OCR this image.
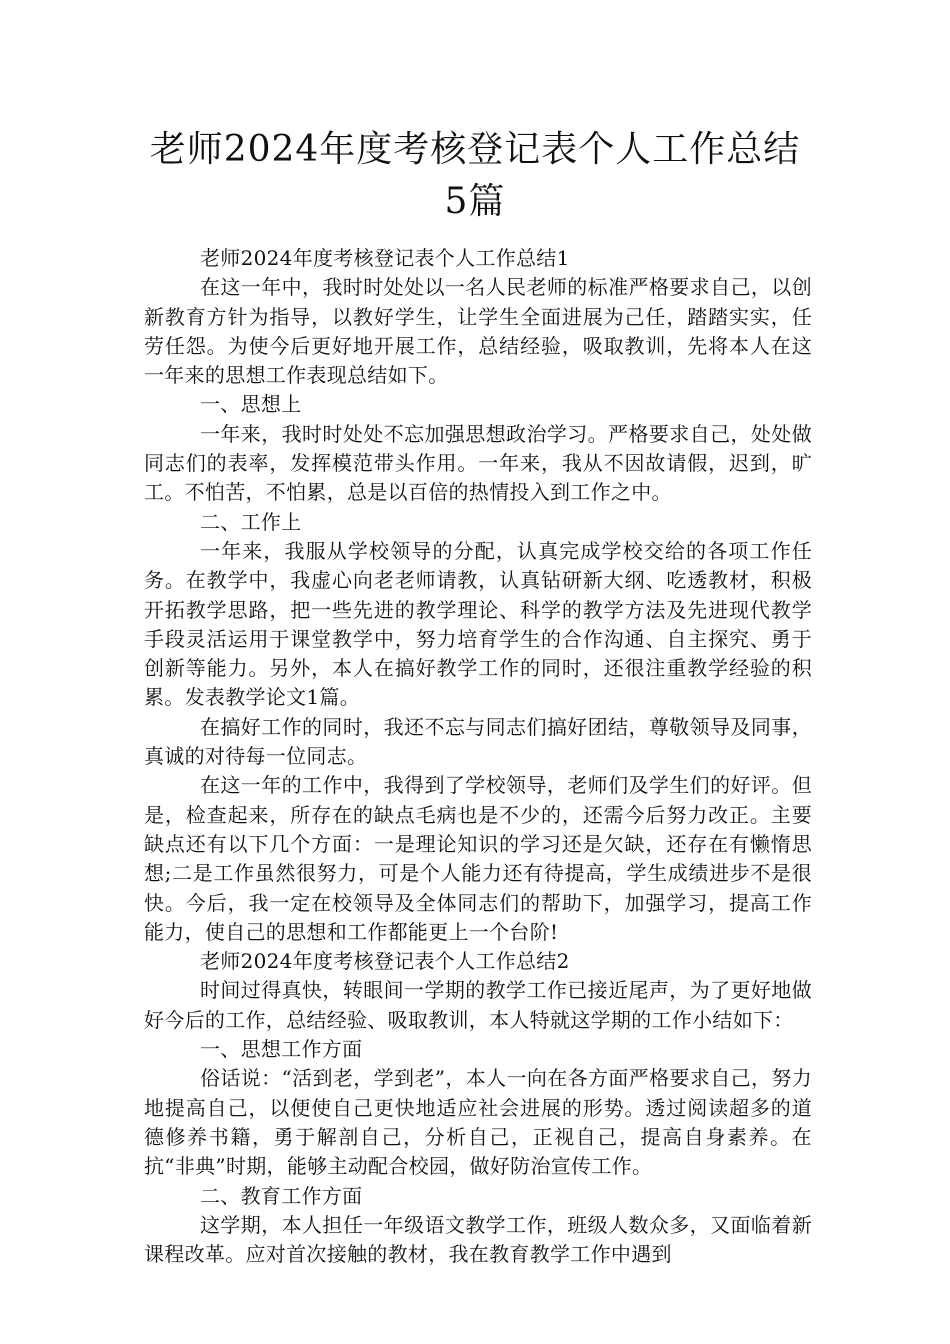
老师2024年度考核登记表个人工作总结5篇

老师2024年度考核登记表个人工作总结1

在这一年中，我时时处处以一名人民老师的标准严格要求自己，以创新教育方针为指导，以教好学生，让学生全面进展为己任，踏踏实实，任劳任怨。为使今后更好地开展工作，总结经验，吸取教训，先将本人在这一年来的思想工作表现总结如下。

一、思想上

一年来，我时时处处不忘加强思想政治学习。严格要求自己，处处做同志们的表率，发挥模范带头作用。一年来，我从不因故请假，迟到，旷工。不怕苦，不怕累，总是以百倍的热情投入到工作之中。

二、工作上

一年来，我服从学校领导的分配，认真完成学校交给的各项工作任务。在教学中，我虚心向老老师请教，认真钻研新大纲、吃透教材，积极开拓教学思路，把一些先进的教学理论、科学的教学方法及先进现代教学手段灵活运用于课堂教学中，努力培育学生的合作沟通、自主探究、勇于创新等能力。另外，本人在搞好教学工作的同时，还很注重教学经验的积累。发表教学论文1篇。

在搞好工作的同时，我还不忘与同志们搞好团结，尊敬领导及同事，真诚的对待每一位同志。

在这一年的工作中，我得到了学校领导，老师们及学生们的好评。但是，检查起来，所存在的缺点毛病也是不少的，还需今后努力改正。主要缺点还有以下几个方面：一是理论知识的学习还是欠缺，还存在有懒惰思想;二是工作虽然很努力，可是个人能力还有待提高，学生成绩进步不是很快。今后，我一定在校领导及全体同志们的帮助下，加强学习，提高工作能力，使自己的思想和工作都能更上一个台阶!

老师2024年度考核登记表个人工作总结2

时间过得真快，转眼间一学期的教学工作已接近尾声，为了更好地做好今后的工作，总结经验、吸取教训，本人特就这学期的工作小结如下：

一、思想工作方面

俗话说：“活到老，学到老”，本人一向在各方面严格要求自己，努力地提高自己，以便使自己更快地适应社会进展的形势。透过阅读超多的道德修养书籍，勇于解剖自己，分析自己，正视自己，提高自身素养。在抗“非典”时期，能够主动配合校园，做好防治宣传工作。

二、教育工作方面

这学期，本人担任一年级语文教学工作，班级人数众多，又面临着新课程改革。应对首次接触的教材，我在教育教学工作中遇到
